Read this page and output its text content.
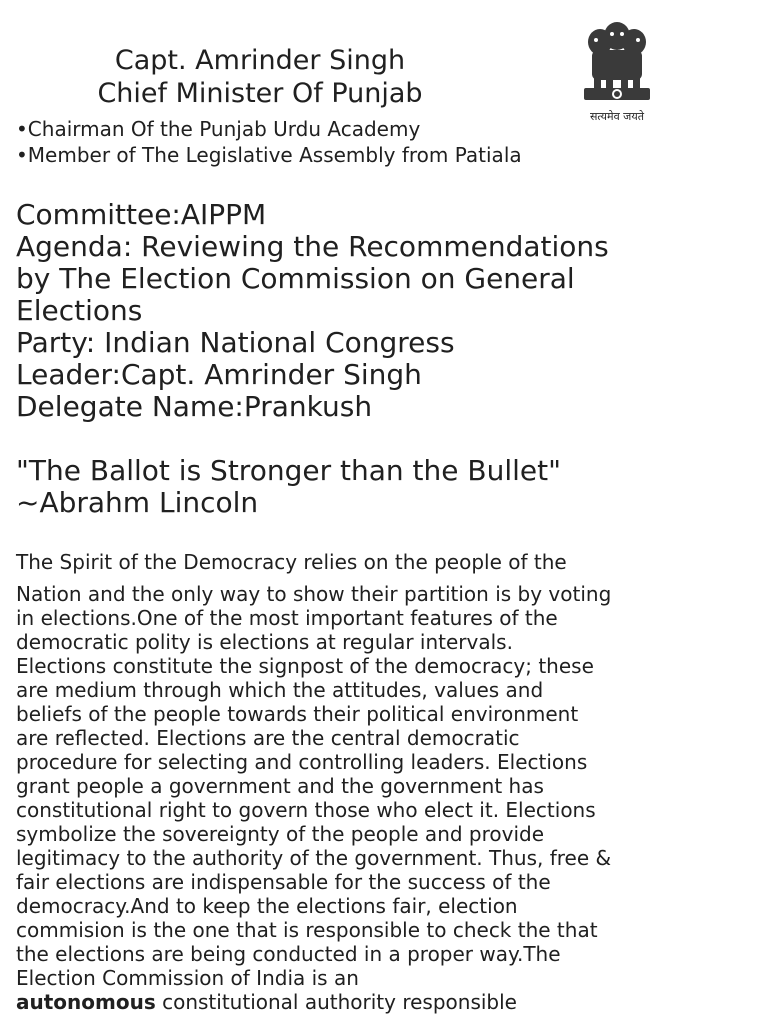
Capt. Amrinder Singh
Chief Minister Of Punjab
सत्यमेव जयते
•Chairman Of the Punjab Urdu Academy
•Member of The Legislative Assembly from Patiala
Committee:AIPPM
Agenda: Reviewing the Recommendations
by The Election Commission on General
Elections
Party: Indian National Congress
Leader:Capt. Amrinder Singh
Delegate Name:Prankush
"The Ballot is Stronger than the Bullet"
~Abrahm Lincoln
The Spirit of the Democracy relies on the people of the
Nation and the only way to show their partition is by voting
in elections.One of the most important features of the
democratic polity is elections at regular intervals.
Elections constitute the signpost of the democracy; these
are medium through which the attitudes, values and
beliefs of the people towards their political environment
are reflected. Elections are the central democratic
procedure for selecting and controlling leaders. Elections
grant people a government and the government has
constitutional right to govern those who elect it. Elections
symbolize the sovereignty of the people and provide
legitimacy to the authority of the government. Thus, free &
fair elections are indispensable for the success of the
democracy.And to keep the elections fair, election
commision is the one that is responsible to check the that
the elections are being conducted in a proper way.The
Election Commission of India is an
autonomous constitutional authority responsible
